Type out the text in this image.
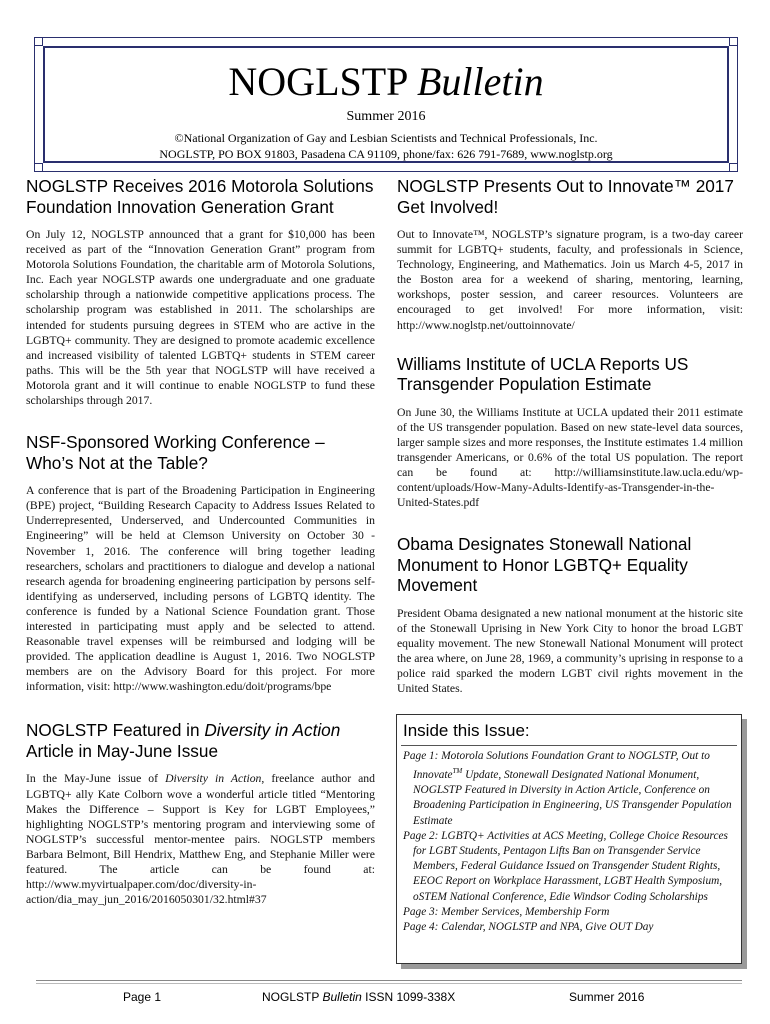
NOGLSTP Bulletin
Summer 2016
©National Organization of Gay and Lesbian Scientists and Technical Professionals, Inc.
NOGLSTP, PO BOX 91803, Pasadena CA 91109, phone/fax: 626 791-7689, www.noglstp.org
NOGLSTP Receives 2016 Motorola Solutions Foundation Innovation Generation Grant

On July 12, NOGLSTP announced that a grant for $10,000 has been received as part of the “Innovation Generation Grant” program from Motorola Solutions Foundation, the charitable arm of Motorola Solutions, Inc. Each year NOGLSTP awards one undergraduate and one graduate scholarship through a nationwide competitive applications process. The scholarship program was established in 2011. The scholarships are intended for students pursuing degrees in STEM who are active in the LGBTQ+ community. They are designed to promote academic excellence and increased visibility of talented LGBTQ+ students in STEM career paths. This will be the 5th year that NOGLSTP will have received a Motorola grant and it will continue to enable NOGLSTP to fund these scholarships through 2017.

NSF-Sponsored Working Conference – Who’s Not at the Table?

A conference that is part of the Broadening Participation in Engineering (BPE) project, “Building Research Capacity to Address Issues Related to Underrepresented, Underserved, and Undercounted Communities in Engineering” will be held at Clemson University on October 30 - November 1, 2016. The conference will bring together leading researchers, scholars and practitioners to dialogue and develop a national research agenda for broadening engineering participation by persons self-identifying as underserved, including persons of LGBTQ identity. The conference is funded by a National Science Foundation grant. Those interested in participating must apply and be selected to attend. Reasonable travel expenses will be reimbursed and lodging will be provided. The application deadline is August 1, 2016. Two NOGLSTP members are on the Advisory Board for this project. For more information, visit: http://www.washington.edu/doit/programs/bpe

NOGLSTP Featured in Diversity in Action Article in May-June Issue

In the May-June issue of Diversity in Action, freelance author and LGBTQ+ ally Kate Colborn wove a wonderful article titled “Mentoring Makes the Difference – Support is Key for LGBT Employees,” highlighting NOGLSTP’s mentoring program and interviewing some of NOGLSTP’s successful mentor-mentee pairs. NOGLSTP members Barbara Belmont, Bill Hendrix, Matthew Eng, and Stephanie Miller were featured. The article can be found at: http://www.myvirtualpaper.com/doc/diversity-in-action/dia_may_jun_2016/2016050301/32.html#37

NOGLSTP Presents Out to Innovate™ 2017 Get Involved!

Out to Innovate™, NOGLSTP’s signature program, is a two-day career summit for LGBTQ+ students, faculty, and professionals in Science, Technology, Engineering, and Mathematics. Join us March 4-5, 2017 in the Boston area for a weekend of sharing, mentoring, learning, workshops, poster session, and career resources. Volunteers are encouraged to get involved! For more information, visit: http://www.noglstp.net/outtoinnovate/

Williams Institute of UCLA Reports US Transgender Population Estimate

On June 30, the Williams Institute at UCLA updated their 2011 estimate of the US transgender population. Based on new state-level data sources, larger sample sizes and more responses, the Institute estimates 1.4 million transgender Americans, or 0.6% of the total US population. The report can be found at: http://williamsinstitute.law.ucla.edu/wp-content/uploads/How-Many-Adults-Identify-as-Transgender-in-the-United-States.pdf

Obama Designates Stonewall National Monument to Honor LGBTQ+ Equality Movement

President Obama designated a new national monument at the historic site of the Stonewall Uprising in New York City to honor the broad LGBT equality movement. The new Stonewall National Monument will protect the area where, on June 28, 1969, a community’s uprising in response to a police raid sparked the modern LGBT civil rights movement in the United States.

Inside this Issue:
Page 1: Motorola Solutions Foundation Grant to NOGLSTP, Out to Innovate™ Update, Stonewall Designated National Monument, NOGLSTP Featured in Diversity in Action Article, Conference on Broadening Participation in Engineering, US Transgender Population Estimate
Page 2: LGBTQ+ Activities at ACS Meeting, College Choice Resources for LGBT Students, Pentagon Lifts Ban on Transgender Service Members, Federal Guidance Issued on Transgender Student Rights, EEOC Report on Workplace Harassment, LGBT Health Symposium, oSTEM National Conference, Edie Windsor Coding Scholarships
Page 3: Member Services, Membership Form
Page 4: Calendar, NOGLSTP and NPA, Give OUT Day
Page 1	NOGLSTP Bulletin ISSN 1099-338X	Summer 2016
